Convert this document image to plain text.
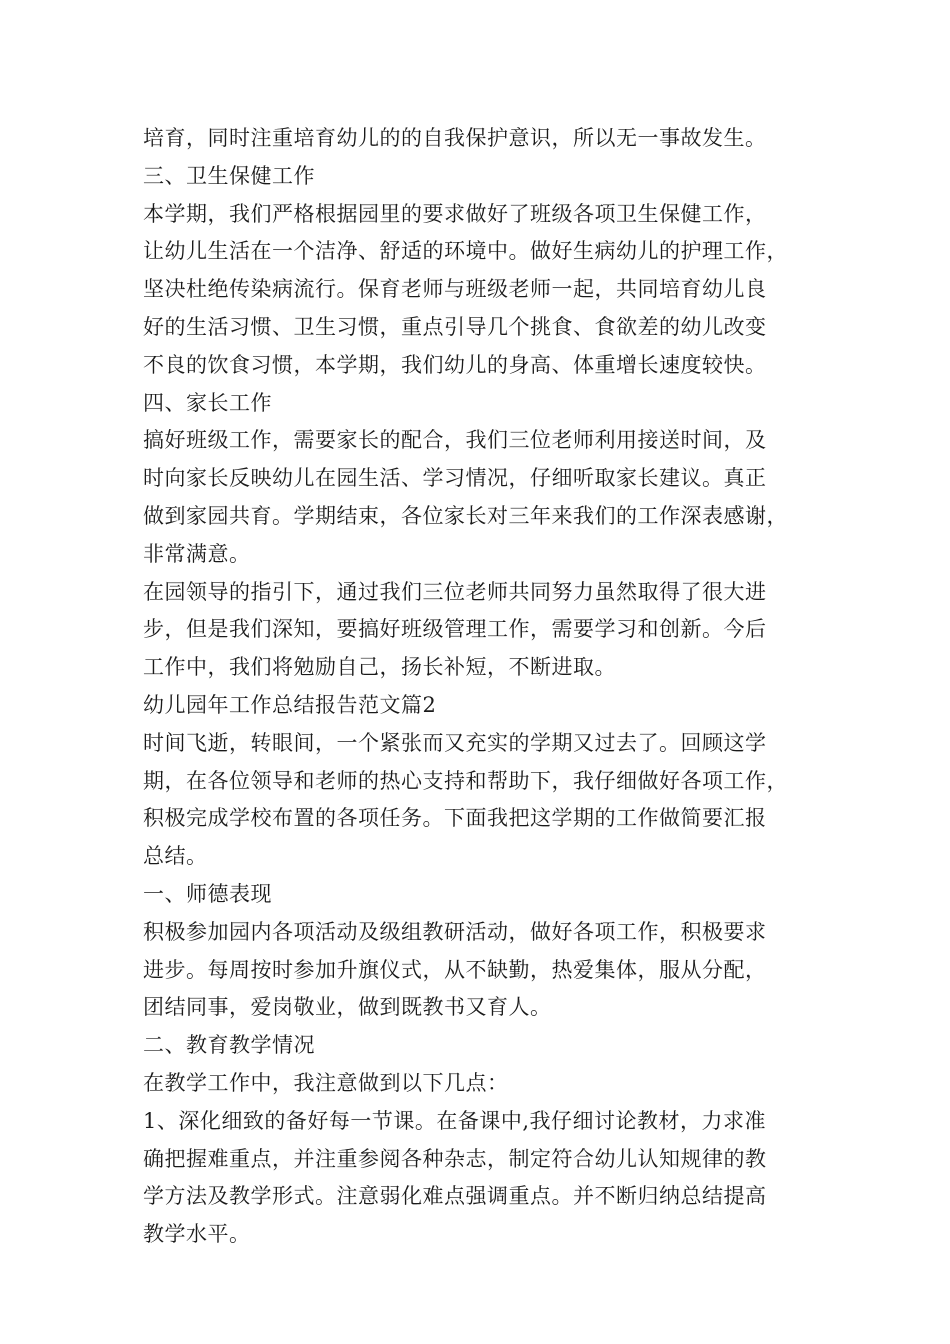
培育，同时注重培育幼儿的的自我保护意识，所以无一事故发生。
三、卫生保健工作
本学期，我们严格根据园里的要求做好了班级各项卫生保健工作，
让幼儿生活在一个洁净、舒适的环境中。做好生病幼儿的护理工作，
坚决杜绝传染病流行。保育老师与班级老师一起，共同培育幼儿良
好的生活习惯、卫生习惯，重点引导几个挑食、食欲差的幼儿改变
不良的饮食习惯，本学期，我们幼儿的身高、体重增长速度较快。
四、家长工作
搞好班级工作，需要家长的配合，我们三位老师利用接送时间，及
时向家长反映幼儿在园生活、学习情况，仔细听取家长建议。真正
做到家园共育。学期结束，各位家长对三年来我们的工作深表感谢，
非常满意。
在园领导的指引下，通过我们三位老师共同努力虽然取得了很大进
步，但是我们深知，要搞好班级管理工作，需要学习和创新。今后
工作中，我们将勉励自己，扬长补短，不断进取。
幼儿园年工作总结报告范文篇2
时间飞逝，转眼间，一个紧张而又充实的学期又过去了。回顾这学
期，在各位领导和老师的热心支持和帮助下，我仔细做好各项工作，
积极完成学校布置的各项任务。下面我把这学期的工作做简要汇报
总结。
一、师德表现
积极参加园内各项活动及级组教研活动，做好各项工作，积极要求
进步。每周按时参加升旗仪式，从不缺勤，热爱集体，服从分配，
团结同事，爱岗敬业，做到既教书又育人。
二、教育教学情况
在教学工作中，我注意做到以下几点：
1、深化细致的备好每一节课。在备课中,我仔细讨论教材，力求准
确把握难重点，并注重参阅各种杂志，制定符合幼儿认知规律的教
学方法及教学形式。注意弱化难点强调重点。并不断归纳总结提高
教学水平。
